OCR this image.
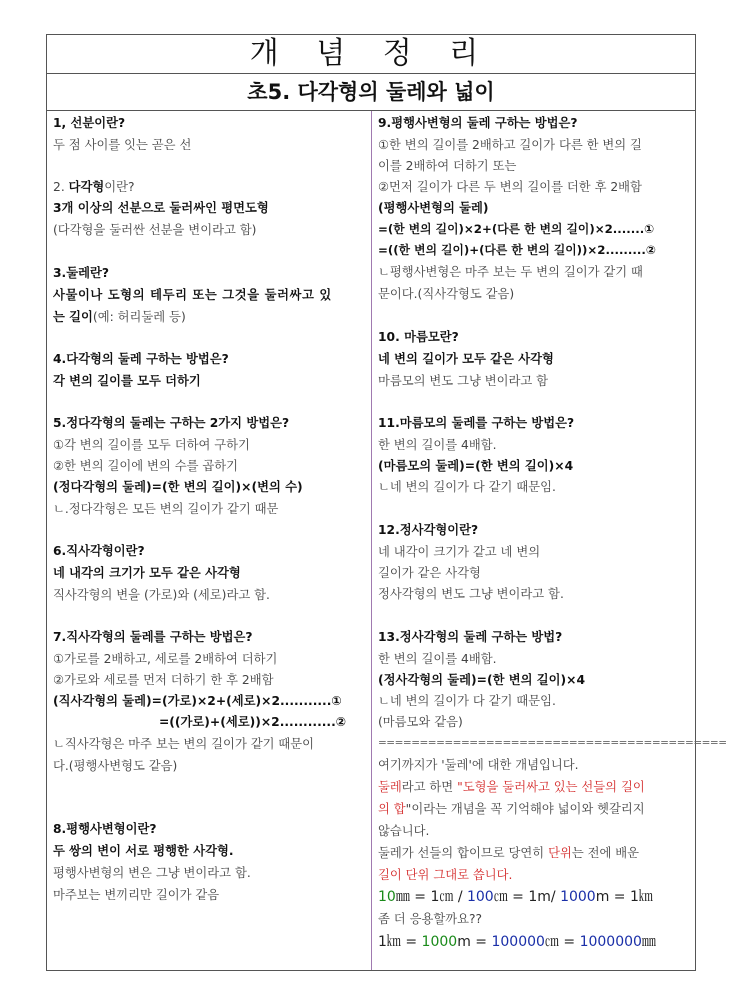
개 념 정 리
초5. 다각형의 둘레와 넓이
1, 선분이란?
두 점 사이를 잇는 곧은 선
2. 다각형이란?
3개 이상의 선분으로 둘러싸인 평면도형
(다각형을 둘러싼 선분을 변이라고 함)
3.둘레란?
사물이나 도형의 테두리 또는 그것을 둘러싸고 있
는 길이(예: 허리둘레 등)
4.다각형의 둘레 구하는 방법은?
각 변의 길이를 모두 더하기
5.정다각형의 둘레는 구하는 2가지 방법은?
①각 변의 길이를 모두 더하여 구하기
②한 변의 길이에 변의 수를 곱하기
(정다각형의 둘레)=(한 변의 길이)×(변의 수)
ㄴ.정다각형은 모든 변의 길이가 같기 때문
6.직사각형이란?
네 내각의 크기가 모두 같은 사각형
직사각형의 변을 (가로)와 (세로)라고 함.
7.직사각형의 둘레를 구하는 방법은?
①가로를 2배하고, 세로를 2배하여 더하기
②가로와 세로를 먼저 더하기 한 후 2배함
(직사각형의 둘레)=(가로)×2+(세로)×2...........①
=((가로)+(세로))×2............②
ㄴ직사각형은 마주 보는 변의 길이가 같기 때문이
다.(평행사변형도 같음)
8.평행사변형이란?
두 쌍의 변이 서로 평행한 사각형.
평행사변형의 변은 그냥 변이라고 함.
마주보는 변끼리만 길이가 같음
9.평행사변형의 둘레 구하는 방법은?
①한 변의 길이를 2배하고 길이가 다른 한 변의 길
이를 2배하여 더하기 또는
②먼저 길이가 다른 두 변의 길이를 더한 후 2배함
(평행사변형의 둘레)
=(한 변의 길이)×2+(다른 한 변의 길이)×2.......①
=((한 변의 길이)+(다른 한 변의 길이))×2.........②
ㄴ평행사변형은 마주 보는 두 변의 길이가 같기 때
문이다.(직사각형도 같음)
10. 마름모란?
네 변의 길이가 모두 같은 사각형
마름모의 변도 그냥 변이라고 함
11.마름모의 둘레를 구하는 방법은?
한 변의 길이를 4배함.
(마름모의 둘레)=(한 변의 길이)×4
ㄴ네 변의 길이가 다 같기 때문임.
12.정사각형이란?
네 내각이 크기가 같고 네 변의
길이가 같은 사각형
정사각형의 변도 그냥 변이라고 함.
13.정사각형의 둘레 구하는 방법?
한 변의 길이를 4배함.
(정사각형의 둘레)=(한 변의 길이)×4
ㄴ네 변의 길이가 다 같기 때문임.
(마름모와 같음)
==========================================
여기까지가 '둘레'에 대한 개념입니다.
둘레라고 하면 "도형을 둘러싸고 있는 선들의 길이
의 합"이라는 개념을 꼭 기억해야 넓이와 헷갈리지
않습니다.
둘레가 선들의 합이므로 당연히 단위는 전에 배운
길이 단위 그대로 씁니다.
10㎜ = 1㎝ / 100㎝ = 1m/ 1000m = 1㎞
좀 더 응용할까요??
1㎞ = 1000m = 100000㎝ = 1000000㎜
